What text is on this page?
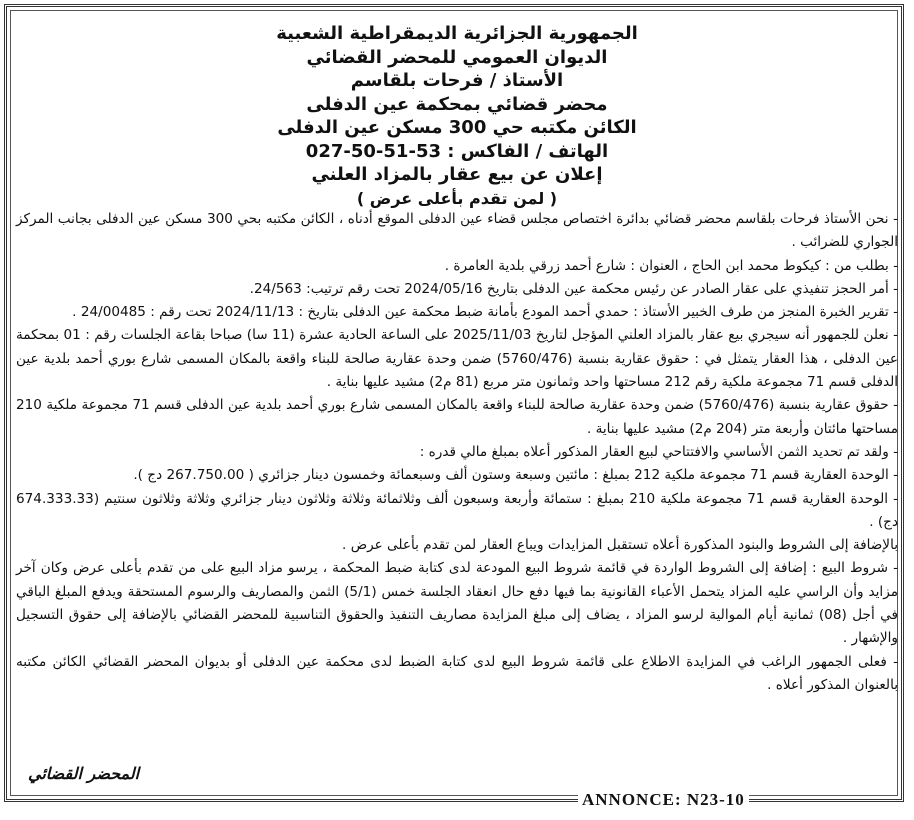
الجمهورية الجزائرية الديمقراطية الشعبية
الديوان العمومي للمحضر القضائي
الأستاذ / فرحات بلقاسم
محضر قضائي بمحكمة عين الدفلى
الكائن مكتبه حي 300 مسكن عين الدفلى
الهاتف / الفاكس : 53-51-50-027
إعلان عن بيع عقار بالمزاد العلني
( لمن تقدم بأعلى عرض )

- نحن الأستاذ فرحات بلقاسم محضر قضائي بدائرة اختصاص مجلس قضاء عين الدفلى الموقع أدناه ، الكائن مكتبه بحي 300 مسكن عين الدفلى بجانب المركز الجواري للضرائب .

- بطلب من : كيكوط محمد ابن الحاج ، العنوان : شارع أحمد زرقي بلدية العامرة .

- أمر الحجز تنفيذي على عقار الصادر عن رئيس محكمة عين الدفلى بتاريخ 2024/05/16 تحت رقم ترتيب: 24/563.

- تقرير الخبرة المنجز من طرف الخبير الأستاذ : حمدي أحمد المودع بأمانة ضبط محكمة عين الدفلى بتاريخ : 2024/11/13 تحت رقم : 24/00485 .

- نعلن للجمهور أنه سيجري بيع عقار بالمزاد العلني المؤجل لتاريخ 2025/11/03 على الساعة الحادية عشرة (11 سا) صباحا بقاعة الجلسات رقم : 01 بمحكمة عين الدفلى ، هذا العقار يتمثل في : حقوق عقارية بنسبة (5760/476) ضمن وحدة عقارية صالحة للبناء واقعة بالمكان المسمى شارع بوري أحمد بلدية عين الدفلى قسم 71 مجموعة ملكية رقم 212 مساحتها واحد وثمانون متر مربع (81 م2) مشيد عليها بناية .

- حقوق عقارية بنسبة (5760/476) ضمن وحدة عقارية صالحة للبناء واقعة بالمكان المسمى شارع بوري أحمد بلدية عين الدفلى قسم 71 مجموعة ملكية 210 مساحتها مائتان وأربعة متر (204 م2) مشيد عليها بناية .

- ولقد تم تحديد الثمن الأساسي والافتتاحي لبيع العقار المذكور أعلاه بمبلغ مالي قدره :

- الوحدة العقارية قسم 71 مجموعة ملكية 212 بمبلغ : مائتين وسبعة وستون ألف وسبعمائة وخمسون دينار جزائري ( 267.750.00 دج ).

- الوحدة العقارية قسم 71 مجموعة ملكية 210 بمبلغ : ستمائة وأربعة وسبعون ألف وثلاثمائة وثلاثة وثلاثون دينار جزائري وثلاثة وثلاثون سنتيم (674.333.33 دج) .

بالإضافة إلى الشروط والبنود المذكورة أعلاه تستقبل المزايدات ويباع العقار لمن تقدم بأعلى عرض .

- شروط البيع : إضافة إلى الشروط الواردة في قائمة شروط البيع المودعة لدى كتابة ضبط المحكمة ، يرسو مزاد البيع على من تقدم بأعلى عرض وكان آخر مزايد وأن الراسي عليه المزاد يتحمل الأعباء القانونية بما فيها دفع حال انعقاد الجلسة خمس (5/1) الثمن والمصاريف والرسوم المستحقة ويدفع المبلغ الباقي في أجل (08) ثمانية أيام الموالية لرسو المزاد ، يضاف إلى مبلغ المزايدة مصاريف التنفيذ والحقوق التناسبية للمحضر القضائي بالإضافة إلى حقوق التسجيل والإشهار .

- فعلى الجمهور الراغب في المزايدة الاطلاع على قائمة شروط البيع لدى كتابة الضبط لدى محكمة عين الدفلى أو بديوان المحضر القضائي الكائن مكتبه بالعنوان المذكور أعلاه .

المحضر القضائي
ANNONCE: N23-10
